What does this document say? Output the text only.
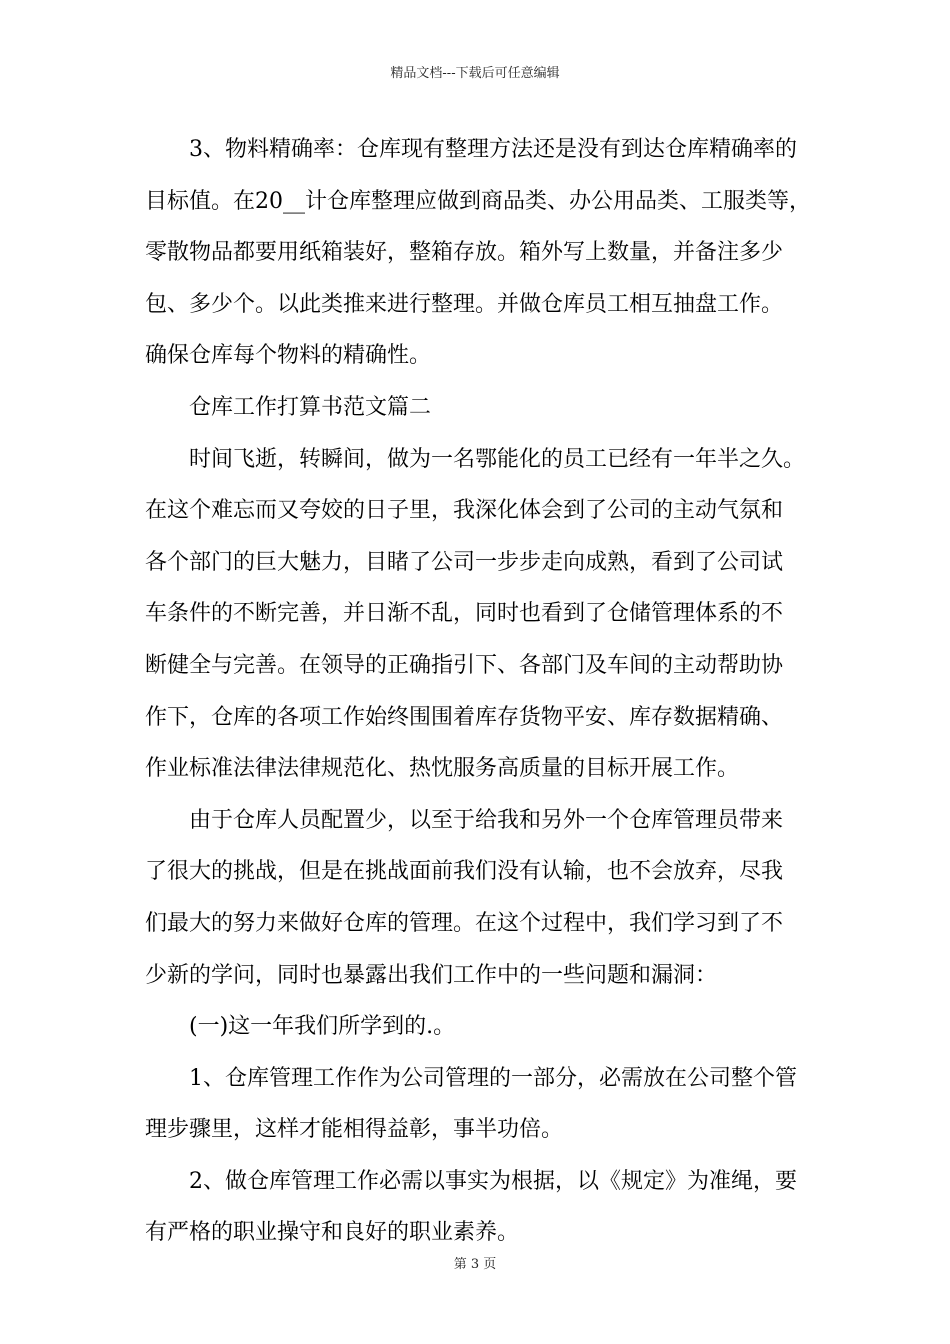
精品文档---下载后可任意编辑
3、物料精确率：仓库现有整理方法还是没有到达仓库精确率的
目标值。在20__计仓库整理应做到商品类、办公用品类、工服类等，
零散物品都要用纸箱装好，整箱存放。箱外写上数量，并备注多少
包、多少个。以此类推来进行整理。并做仓库员工相互抽盘工作。
确保仓库每个物料的精确性。
仓库工作打算书范文篇二
时间飞逝，转瞬间，做为一名鄂能化的员工已经有一年半之久。
在这个难忘而又夸姣的日子里，我深化体会到了公司的主动气氛和
各个部门的巨大魅力，目睹了公司一步步走向成熟，看到了公司试
车条件的不断完善，并日渐不乱，同时也看到了仓储管理体系的不
断健全与完善。在领导的正确指引下、各部门及车间的主动帮助协
作下，仓库的各项工作始终围围着库存货物平安、库存数据精确、
作业标准法律法律规范化、热忱服务高质量的目标开展工作。
由于仓库人员配置少，以至于给我和另外一个仓库管理员带来
了很大的挑战，但是在挑战面前我们没有认输，也不会放弃，尽我
们最大的努力来做好仓库的管理。在这个过程中，我们学习到了不
少新的学问，同时也暴露出我们工作中的一些问题和漏洞：
(一)这一年我们所学到的.。
1、仓库管理工作作为公司管理的一部分，必需放在公司整个管
理步骤里，这样才能相得益彰，事半功倍。
2、做仓库管理工作必需以事实为根据，以《规定》为准绳，要
有严格的职业操守和良好的职业素养。
第 3 页
